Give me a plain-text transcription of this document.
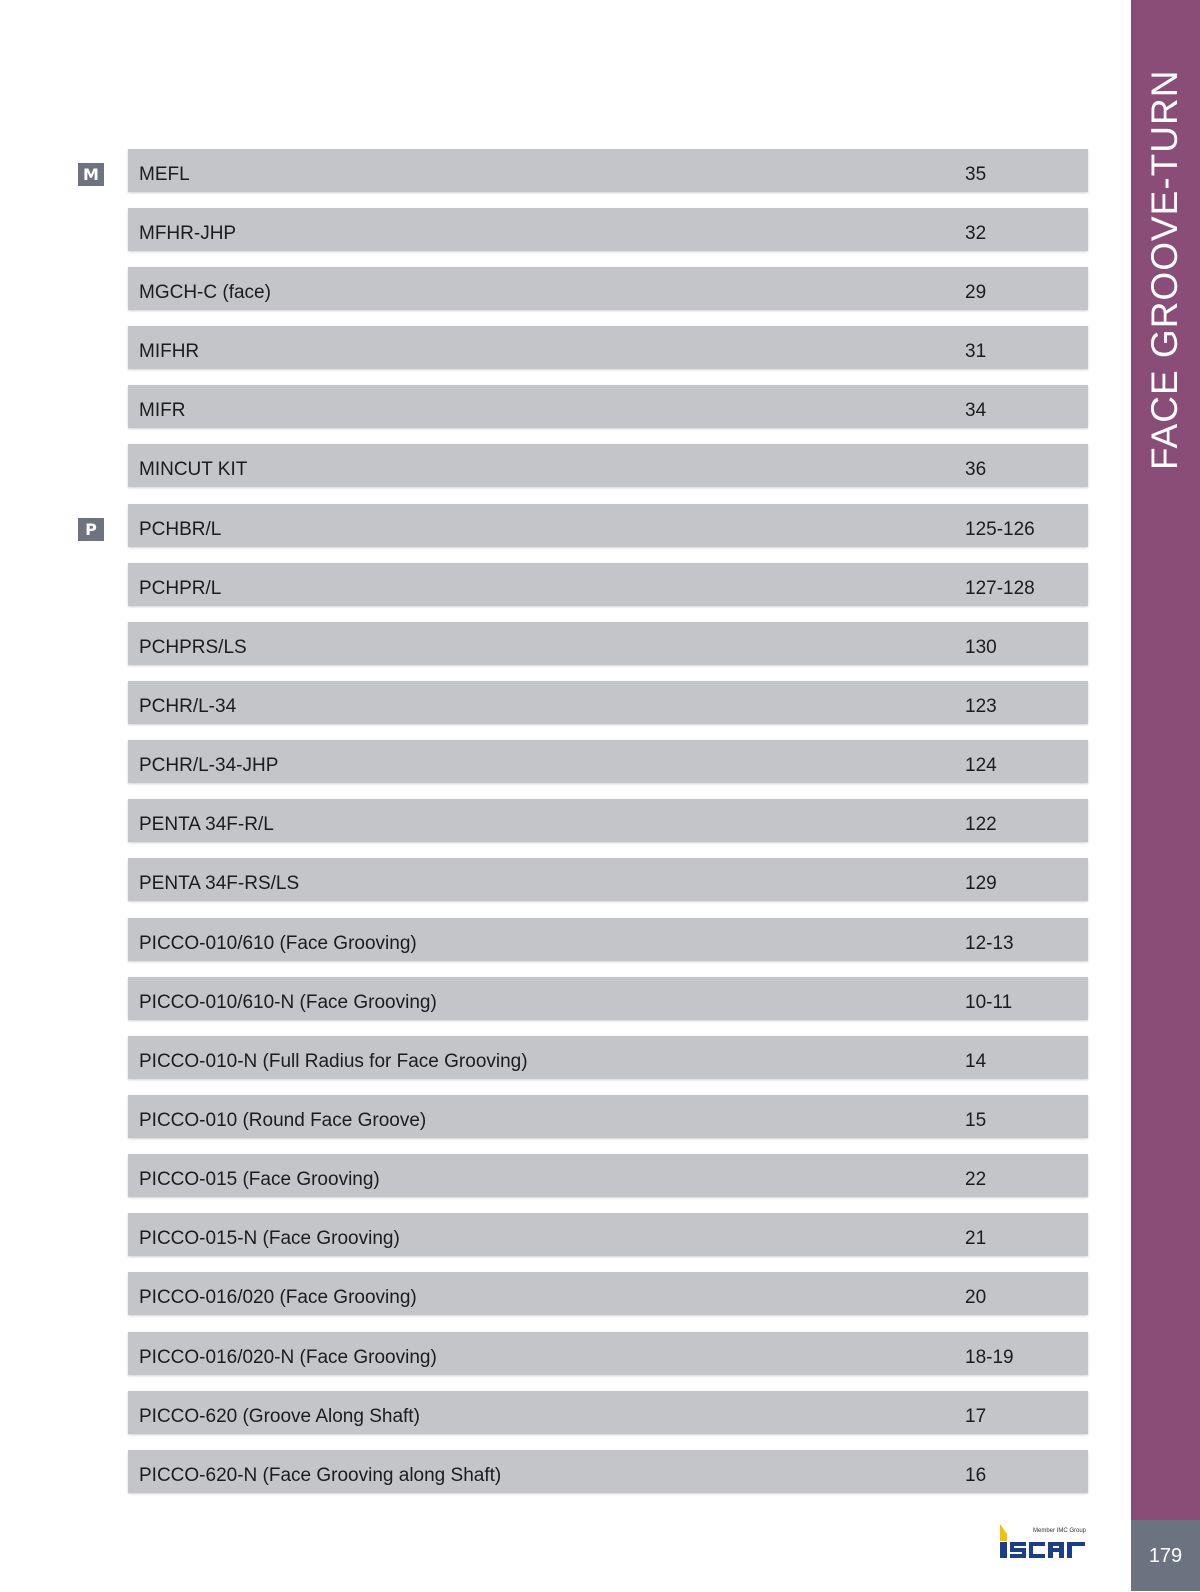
M
P
MEFL	35
MFHR-JHP	32
MGCH-C (face)	29
MIFHR	31
MIFR	34
MINCUT KIT	36
PCHBR/L	125-126
PCHPR/L	127-128
PCHPRS/LS	130
PCHR/L-34	123
PCHR/L-34-JHP	124
PENTA 34F-R/L	122
PENTA 34F-RS/LS	129
PICCO-010/610 (Face Grooving)	12-13
PICCO-010/610-N (Face Grooving)	10-11
PICCO-010-N (Full Radius for Face Grooving)	14
PICCO-010 (Round Face Groove)	15
PICCO-015 (Face Grooving)	22
PICCO-015-N (Face Grooving)	21
PICCO-016/020 (Face Grooving)	20
PICCO-016/020-N (Face Grooving)	18-19
PICCO-620 (Groove Along Shaft)	17
PICCO-620-N (Face Grooving along Shaft)	16
FACE GROOVE-TURN
179
Member IMC Group
